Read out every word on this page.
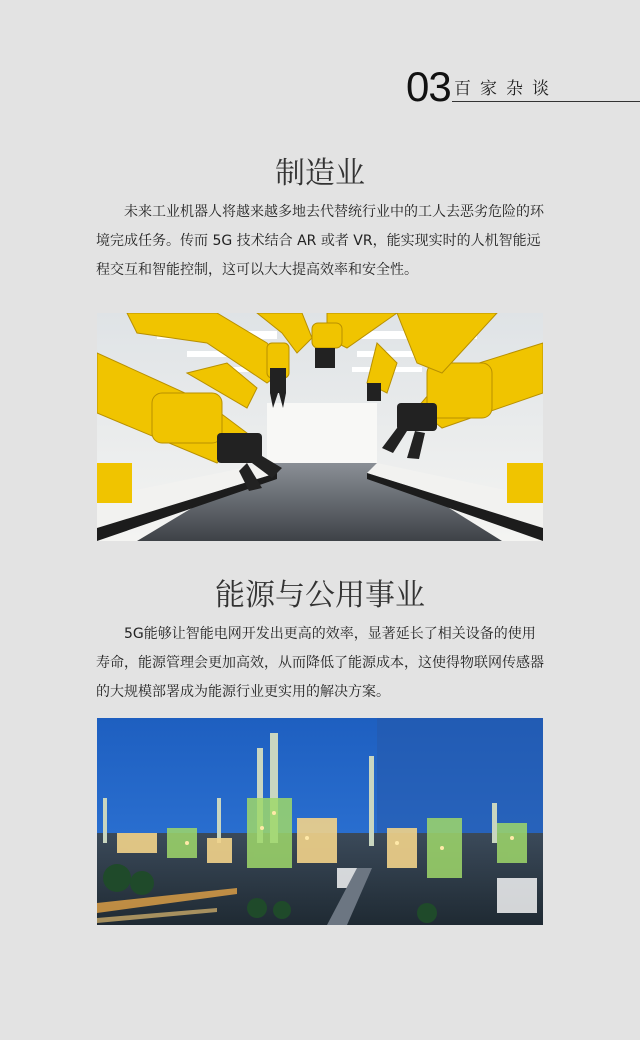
03 百家杂谈
制造业

未来工业机器人将越来越多地去代替统行业中的工人去恶劣危险的环境完成任务。传而 5G 技术结合 AR 或者 VR，能实现实时的人机智能远程交互和智能控制，这可以大大提高效率和安全性。

能源与公用事业

5G能够让智能电网开发出更高的效率，显著延长了相关设备的使用寿命，能源管理会更加高效，从而降低了能源成本，这使得物联网传感器的大规模部署成为能源行业更实用的解决方案。
